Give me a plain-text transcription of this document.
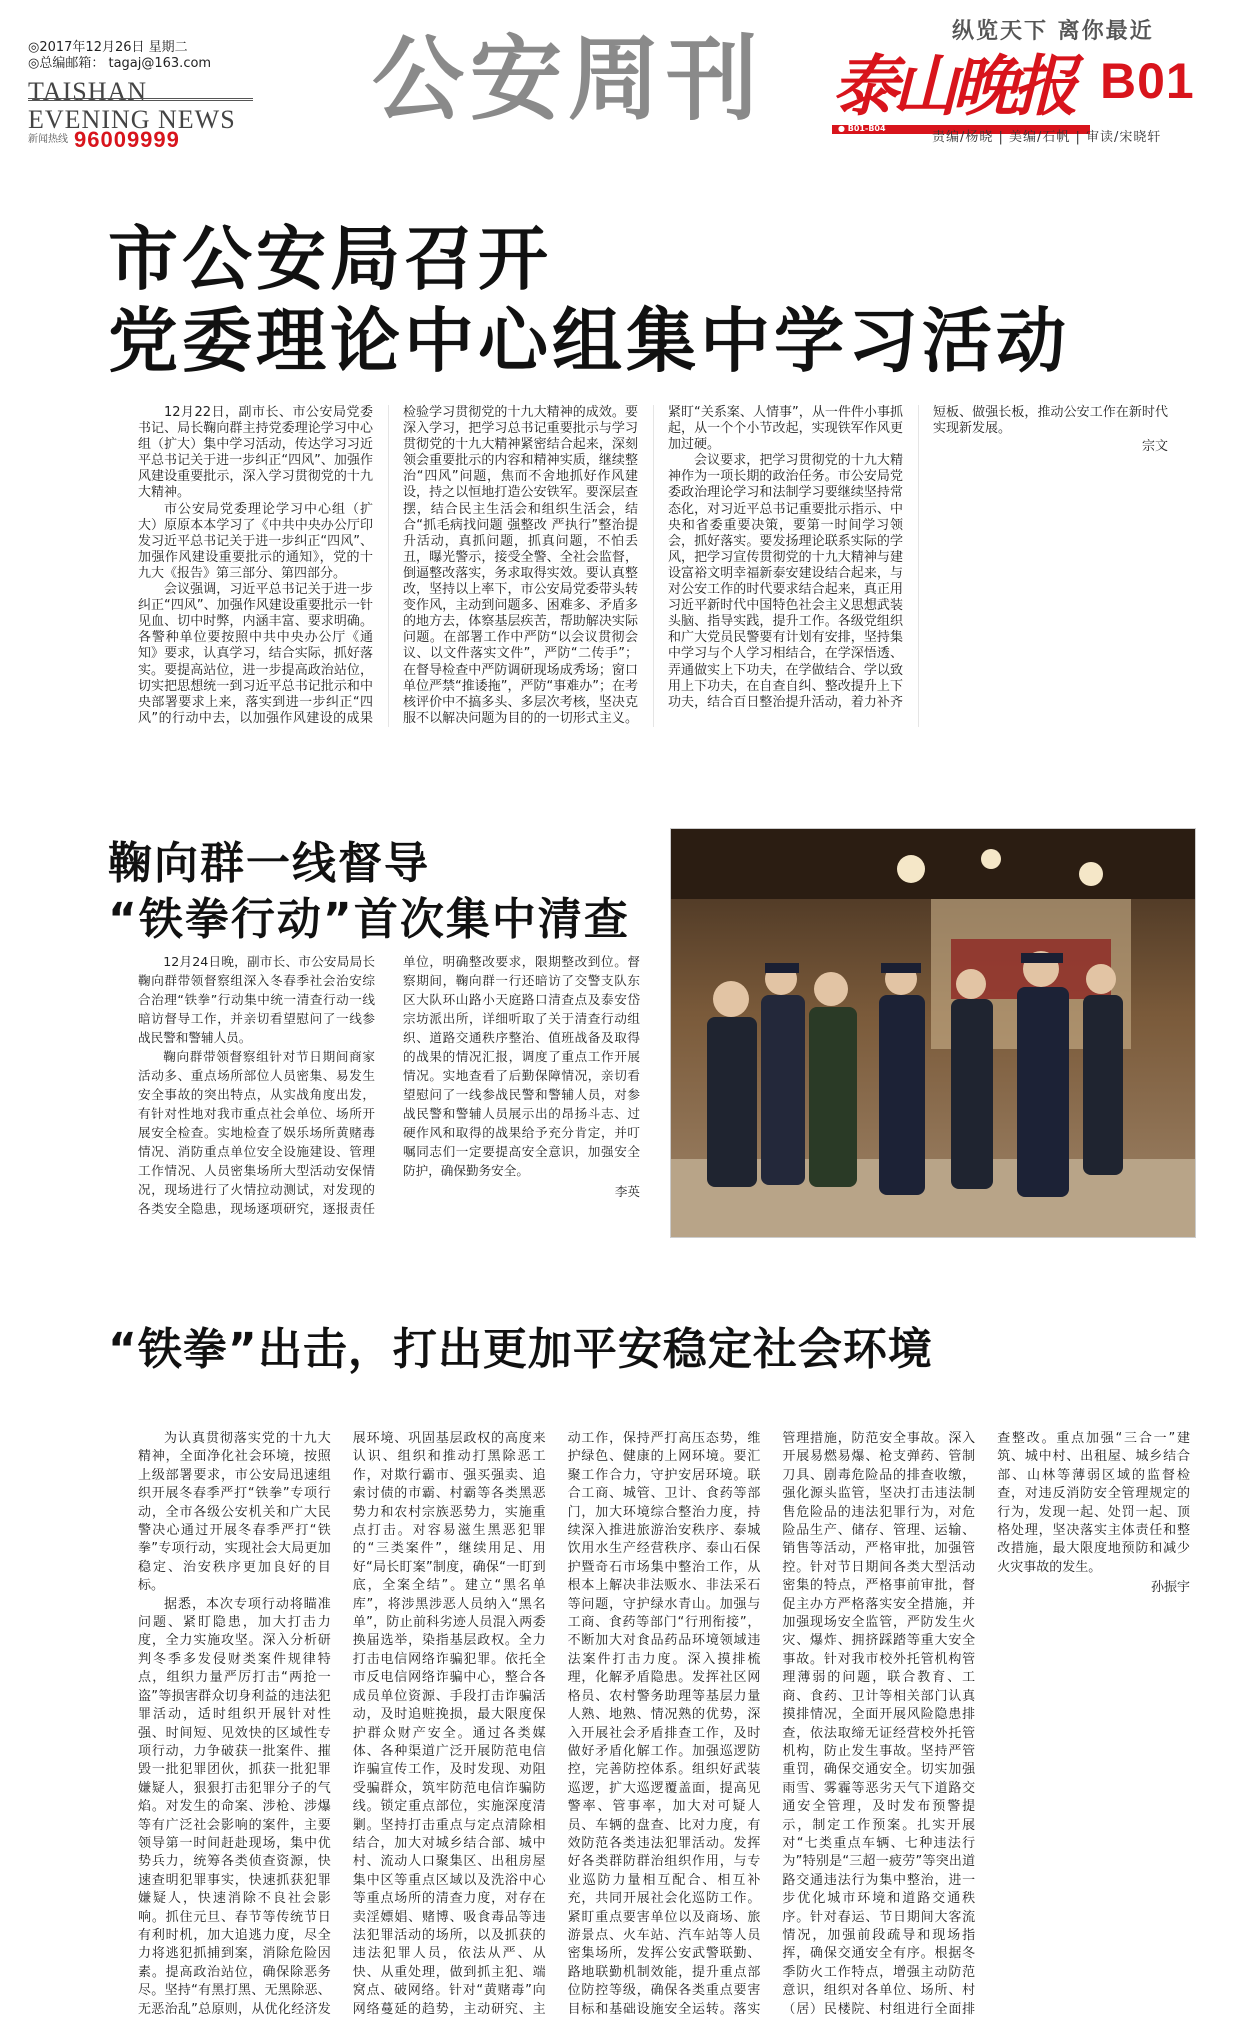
◎2017年12月26日 星期二
◎总编邮箱： tagaj@163.com
TAISHAN EVENING NEWS
新闻热线 96009999
公安周刊	纵览天下 离你最近
泰山晚报
● B01-B04
B01
责编/杨晓 | 美编/石帆 | 审读/宋晓轩
市公安局召开
党委理论中心组集中学习活动

12月22日，副市长、市公安局党委书记、局长鞠向群主持党委理论学习中心组（扩大）集中学习活动，传达学习习近平总书记关于进一步纠正“四风”、加强作风建设重要批示，深入学习贯彻党的十九大精神。

市公安局党委理论学习中心组（扩大）原原本本学习了《中共中央办公厅印发习近平总书记关于进一步纠正“四风”、加强作风建设重要批示的通知》，党的十九大《报告》第三部分、第四部分。

会议强调，习近平总书记关于进一步纠正“四风”、加强作风建设重要批示一针见血、切中时弊，内涵丰富、要求明确。各警种单位要按照中共中央办公厅《通知》要求，认真学习，结合实际，抓好落实。要提高站位，进一步提高政治站位，切实把思想统一到习近平总书记批示和中央部署要求上来，落实到进一步纠正“四风”的行动中去，以加强作风建设的成果检验学习贯彻党的十九大精神的成效。要深入学习，把学习总书记重要批示与学习贯彻党的十九大精神紧密结合起来，深刻领会重要批示的内容和精神实质，继续整治“四风”问题，焦而不舍地抓好作风建设，持之以恒地打造公安铁军。要深层查摆，结合民主生活会和组织生活会，结合“抓毛病找问题 强整改 严执行”整治提升活动，真抓问题，抓真问题，不怕丢丑，曝光警示，接受全警、全社会监督，倒逼整改落实，务求取得实效。要认真整改，坚持以上率下，市公安局党委带头转变作风，主动到问题多、困难多、矛盾多的地方去，体察基层疾苦，帮助解决实际问题。在部署工作中严防“以会议贯彻会议、以文件落实文件”，严防“二传手”；在督导检查中严防调研现场成秀场；窗口单位严禁“推诿拖”，严防“事难办”；在考核评价中不搞多头、多层次考核，坚决克服不以解决问题为目的的一切形式主义。紧盯“关系案、人情事”，从一件件小事抓起，从一个个小节改起，实现铁军作风更加过硬。

会议要求，把学习贯彻党的十九大精神作为一项长期的政治任务。市公安局党委政治理论学习和法制学习要继续坚持常态化，对习近平总书记重要批示指示、中央和省委重要决策，要第一时间学习领会，抓好落实。要发扬理论联系实际的学风，把学习宣传贯彻党的十九大精神与建设富裕文明幸福新泰安建设结合起来，与对公安工作的时代要求结合起来，真正用习近平新时代中国特色社会主义思想武装头脑、指导实践，提升工作。各级党组织和广大党员民警要有计划有安排，坚持集中学习与个人学习相结合，在学深悟透、弄通做实上下功夫，在学做结合、学以致用上下功夫，在自查自纠、整改提升上下功夫，结合百日整治提升活动，着力补齐短板、做强长板，推动公安工作在新时代实现新发展。

宗文

鞠向群一线督导
“铁拳行动”首次集中清查

12月24日晚，副市长、市公安局局长鞠向群带领督察组深入冬春季社会治安综合治理“铁拳”行动集中统一清查行动一线暗访督导工作，并亲切看望慰问了一线参战民警和警辅人员。

鞠向群带领督察组针对节日期间商家活动多、重点场所部位人员密集、易发生安全事故的突出特点，从实战角度出发，有针对性地对我市重点社会单位、场所开展安全检查。实地检查了娱乐场所黄赌毒情况、消防重点单位安全设施建设、管理工作情况、人员密集场所大型活动安保情况，现场进行了火情拉动测试，对发现的各类安全隐患，现场逐项研究，逐报责任单位，明确整改要求，限期整改到位。督察期间，鞠向群一行还暗访了交警支队东区大队环山路小天庭路口清查点及泰安岱宗坊派出所，详细听取了关于清查行动组织、道路交通秩序整治、值班战备及取得的战果的情况汇报，调度了重点工作开展情况。实地查看了后勤保障情况，亲切看望慰问了一线参战民警和警辅人员，对参战民警和警辅人员展示出的昂扬斗志、过硬作风和取得的战果给予充分肯定，并叮嘱同志们一定要提高安全意识，加强安全防护，确保勤务安全。

李英

“铁拳”出击，打出更加平安稳定社会环境

为认真贯彻落实党的十九大精神，全面净化社会环境，按照上级部署要求，市公安局迅速组织开展冬春季严打“铁拳”专项行动，全市各级公安机关和广大民警决心通过开展冬春季严打“铁拳”专项行动，实现社会大局更加稳定、治安秩序更加良好的目标。

据悉，本次专项行动将瞄准问题、紧盯隐患，加大打击力度，全力实施攻坚。深入分析研判冬季多发侵财类案件规律特点，组织力量严厉打击“两抢一盗”等损害群众切身利益的违法犯罪活动，适时组织开展针对性强、时间短、见效快的区域性专项行动，力争破获一批案件、摧毁一批犯罪团伙，抓获一批犯罪嫌疑人，狠狠打击犯罪分子的气焰。对发生的命案、涉枪、涉爆等有广泛社会影响的案件，主要领导第一时间赶赴现场，集中优势兵力，统筹各类侦查资源，快速查明犯罪事实，快速抓获犯罪嫌疑人，快速消除不良社会影响。抓住元旦、春节等传统节日有利时机，加大追逃力度，尽全力将逃犯抓捕到案，消除危险因素。提高政治站位，确保除恶务尽。坚持“有黑打黑、无黑除恶、无恶治乱”总原则，从优化经济发展环境、巩固基层政权的高度来认识、组织和推动打黑除恶工作，对欺行霸市、强买强卖、追索讨债的市霸、村霸等各类黑恶势力和农村宗族恶势力，实施重点打击。对容易滋生黑恶犯罪的“三类案件”，继续用足、用好“局长盯案”制度，确保“一盯到底，全案全结”。建立“黑名单库”，将涉黑涉恶人员纳入“黑名单”，防止前科劣迹人员混入两委换届选举，染指基层政权。全力打击电信网络诈骗犯罪。依托全市反电信网络诈骗中心，整合各成员单位资源、手段打击诈骗活动，及时追赃挽损，最大限度保护群众财产安全。通过各类媒体、各种渠道广泛开展防范电信诈骗宣传工作，及时发现、劝阻受骗群众，筑牢防范电信诈骗防线。锁定重点部位，实施深度清剿。坚持打击重点与定点清除相结合，加大对城乡结合部、城中村、流动人口聚集区、出租房屋集中区等重点区域以及洗浴中心等重点场所的清查力度，对存在卖淫嫖娼、赌博、吸食毒品等违法犯罪活动的场所，以及抓获的违法犯罪人员，依法从严、从快、从重处理，做到抓主犯、端窝点、破网络。针对“黄赌毒”向网络蔓延的趋势，主动研究、主动工作，保持严打高压态势，维护绿色、健康的上网环境。要汇聚工作合力，守护安居环境。联合工商、城管、卫计、食药等部门，加大环境综合整治力度，持续深入推进旅游治安秩序、泰城饮用水生产经营秩序、泰山石保护暨奇石市场集中整治工作，从根本上解决非法贩水、非法采石等问题，守护绿水青山。加强与工商、食药等部门“行刑衔接”，不断加大对食品药品环境领域违法案件打击力度。深入摸排梳理，化解矛盾隐患。发挥社区网格员、农村警务助理等基层力量人熟、地熟、情况熟的优势，深入开展社会矛盾排查工作，及时做好矛盾化解工作。加强巡逻防控，完善防控体系。组织好武装巡逻，扩大巡逻覆盖面，提高见警率、管事率，加大对可疑人员、车辆的盘查、比对力度，有效防范各类违法犯罪活动。发挥好各类群防群治组织作用，与专业巡防力量相互配合、相互补充，共同开展社会化巡防工作。紧盯重点要害单位以及商场、旅游景点、火车站、汽车站等人员密集场所，发挥公安武警联勤、路地联勤机制效能，提升重点部位防控等级，确保各类重点要害目标和基础设施安全运转。落实管理措施，防范安全事故。深入开展易燃易爆、枪支弹药、管制刀具、剧毒危险品的排查收缴，强化源头监管，坚决打击违法制售危险品的违法犯罪行为，对危险品生产、储存、管理、运输、销售等活动，严格审批，加强管控。针对节日期间各类大型活动密集的特点，严格事前审批，督促主办方严格落实安全措施，并加强现场安全监管，严防发生火灾、爆炸、拥挤踩踏等重大安全事故。针对我市校外托管机构管理薄弱的问题，联合教育、工商、食药、卫计等相关部门认真摸排情况，全面开展风险隐患排查，依法取缔无证经营校外托管机构，防止发生事故。坚持严管重罚，确保交通安全。切实加强雨雪、雾霾等恶劣天气下道路交通安全管理，及时发布预警提示，制定工作预案。扎实开展对“七类重点车辆、七种违法行为”特别是“三超一疲劳”等突出道路交通违法行为集中整治，进一步优化城市环境和道路交通秩序。针对春运、节日期间大客流情况，加强前段疏导和现场指挥，确保交通安全有序。根据冬季防火工作特点，增强主动防范意识，组织对各单位、场所、村（居）民楼院、村组进行全面排查整改。重点加强“三合一”建筑、城中村、出租屋、城乡结合部、山林等薄弱区域的监督检查，对违反消防安全管理规定的行为，发现一起、处罚一起、顶格处理，坚决落实主体责任和整改措施，最大限度地预防和减少火灾事故的发生。

孙振宇
